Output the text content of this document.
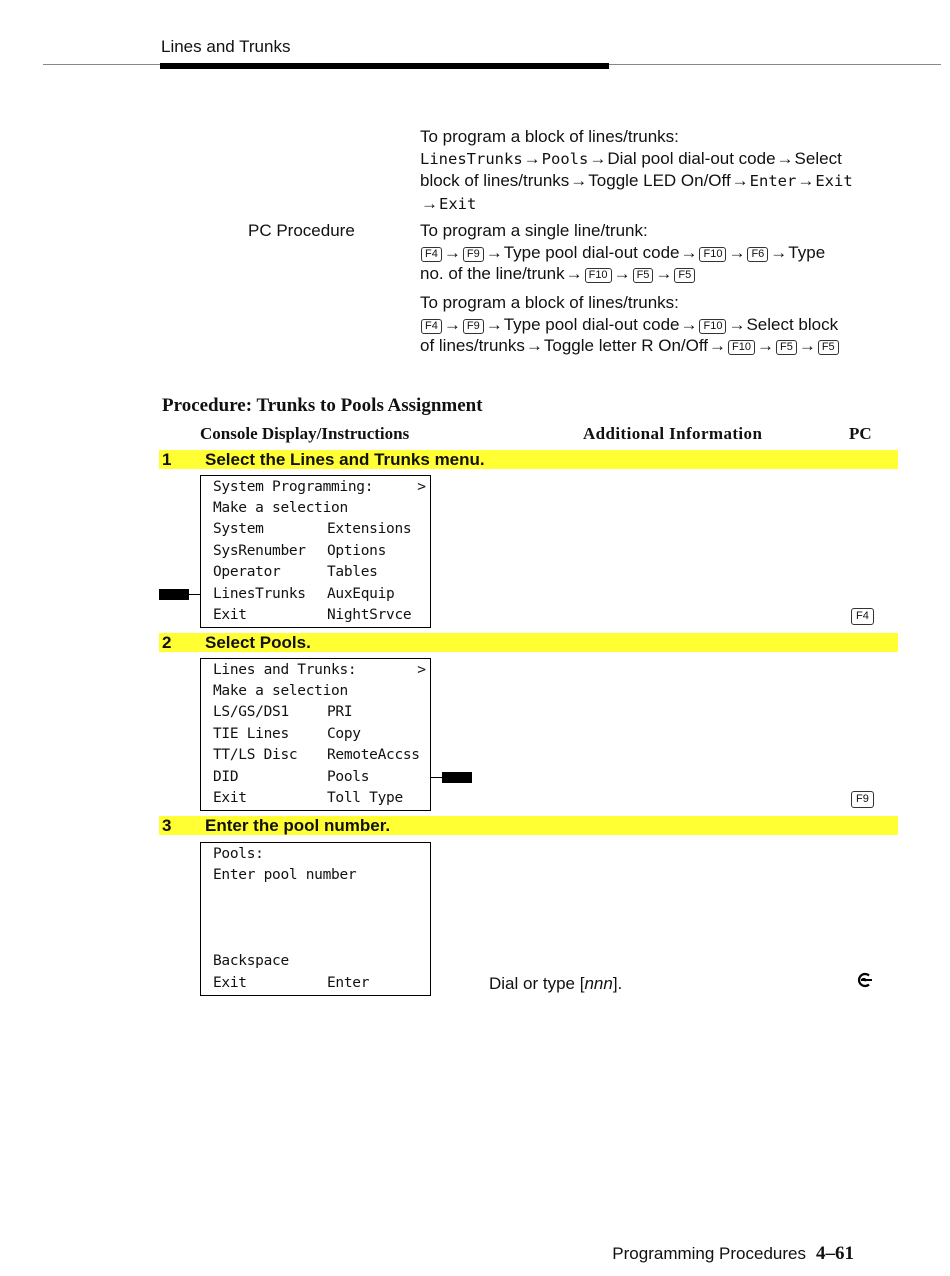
Lines and Trunks
To program a block of lines/trunks:
LinesTrunks→Pools→Dial pool dial-out code→Select
block of lines/trunks→Toggle LED On/Off→Enter→Exit
→Exit
PC Procedure	To program a single line/trunk:
F4 → F9 →Type pool dial-out code→ F10 → F6 →Type
no. of the line/trunk→ F10 → F5 → F5
To program a block of lines/trunks:
F4 → F9 →Type pool dial-out code→ F10 →Select block
of lines/trunks→Toggle letter R On/Off→ F10 → F5 → F5
Procedure: Trunks to Pools Assignment
Console Display/Instructions	Additional Information	PC
1 Select the Lines and Trunks menu.
System Programming:	>
Make a selection
System	Extensions
SysRenumber Options
Operator	Tables
LinesTrunks AuxEquip
Exit	NightSrvce	F4
2 Select Pools.
Lines and Trunks:	>
Make a selection
LS/GS/DS1	PRI
TIE Lines	Copy
TT/LS Disc RemoteAccss
DID	Pools
Exit	Toll Type	F9
3 Enter the pool number.
Pools:
Enter pool number
Backspace
Exit	Enter	Dial or type [nnn].
Programming Procedures 4–61
